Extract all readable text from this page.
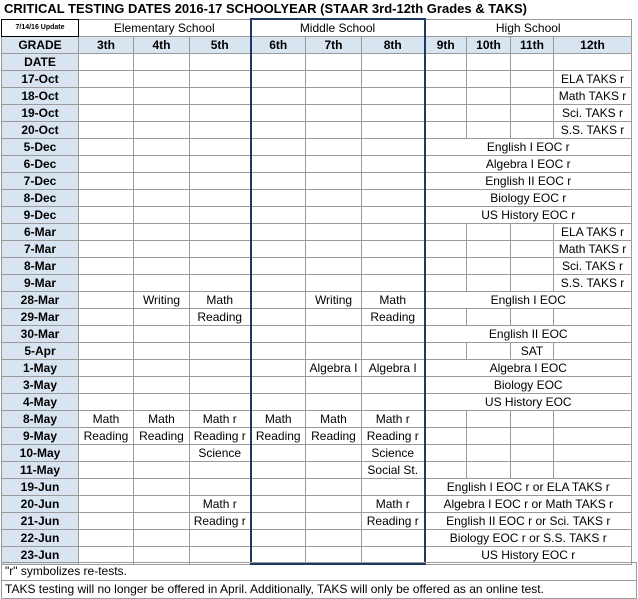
CRITICAL TESTING DATES 2016-17 SCHOOLYEAR (STAAR 3rd-12th Grades & TAKS)
7/14/16 Update	Elementary School			Middle School			High School			
GRADE	3th	4th	5th	6th	7th	8th	9th	10th	11th	12th
DATE										
17-Oct										ELA TAKS r
18-Oct										Math TAKS r
19-Oct										Sci. TAKS r
20-Oct										S.S. TAKS r
5-Dec							English I EOC r			
6-Dec							Algebra I EOC r			
7-Dec							English II EOC r			
8-Dec							Biology EOC r			
9-Dec							US History EOC r			
6-Mar										ELA TAKS r
7-Mar										Math TAKS r
8-Mar										Sci. TAKS r
9-Mar										S.S. TAKS r
28-Mar		Writing	Math		Writing	Math	English I EOC			
29-Mar			Reading			Reading				
30-Mar							English II EOC			
5-Apr									SAT	
1-May					Algebra I	Algebra I	Algebra I EOC			
3-May							Biology EOC			
4-May							US History EOC			
8-May	Math	Math	Math r	Math	Math	Math r				
9-May	Reading	Reading	Reading r	Reading	Reading	Reading r				
10-May			Science			Science				
11-May						Social St.				
19-Jun							English I EOC r or ELA TAKS r			
20-Jun			Math r			Math r	Algebra I EOC r or Math TAKS r			
21-Jun			Reading r			Reading r	English II EOC r or Sci. TAKS r			
22-Jun							Biology EOC r or S.S. TAKS r			
23-Jun							US History EOC r			
"r" symbolizes re-tests.
TAKS testing will no longer be offered in April. Additionally, TAKS will only be offered as an online test.
